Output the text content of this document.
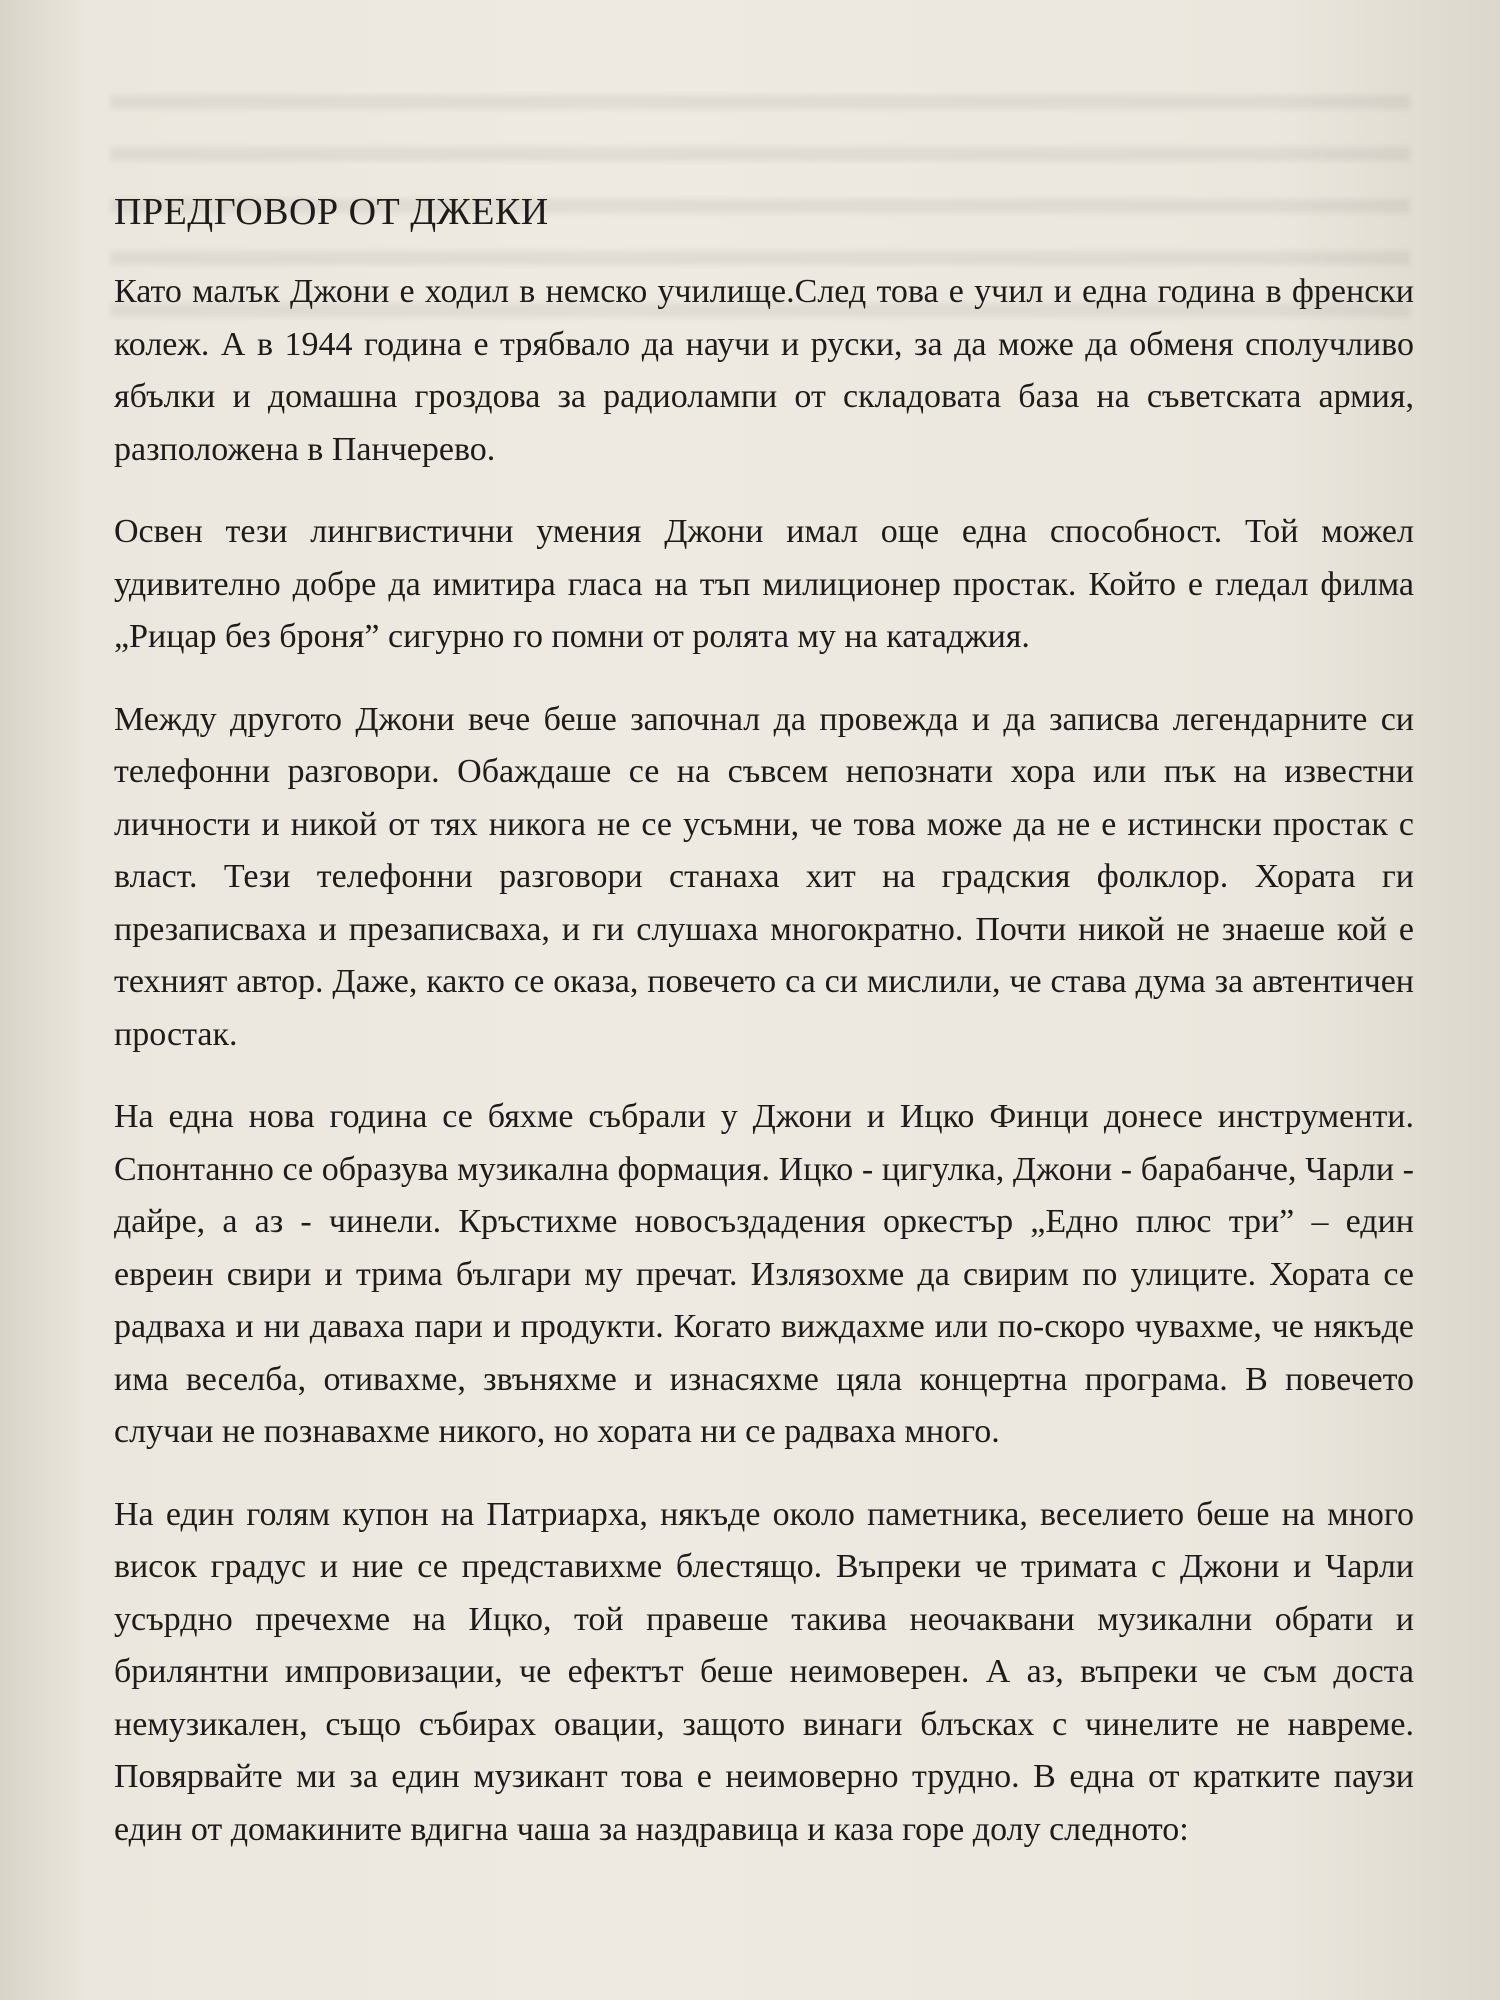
ПРЕДГОВОР ОТ ДЖЕКИ

Като малък Джони е ходил в немско училище.След това е учил и една година в френски колеж. А в 1944 година е трябвало да научи и руски, за да може да обменя сполучливо ябълки и домашна гроздова за радиолампи от складовата база на съветската армия, разположена в Панчерево.

Освен тези лингвистични умения Джони имал още една способност. Той можел удивително добре да имитира гласа на тъп милиционер простак. Който е гледал филма „Рицар без броня” сигурно го помни от ролята му на катаджия.

Между другото Джони вече беше започнал да провежда и да записва легендарните си телефонни разговори. Обаждаше се на съвсем непознати хора или пък на известни личности и никой от тях никога не се усъмни, че това може да не е истински простак с власт. Тези телефонни разговори станаха хит на градския фолклор. Хората ги презаписваха и презаписваха, и ги слушаха многократно. Почти никой не знаеше кой е техният автор. Даже, както се оказа, повечето са си мислили, че става дума за автентичен простак.

На една нова година се бяхме събрали у Джони и Ицко Финци донесе инструменти. Спонтанно се образува музикална формация. Ицко - цигулка, Джони - барабанче, Чарли - дайре, а аз - чинели. Кръстихме новосъздадения оркестър „Едно плюс три” – един евреин свири и трима българи му пречат. Излязохме да свирим по улиците. Хората се радваха и ни даваха пари и продукти. Когато виждахме или по-скоро чувахме, че някъде има веселба, отивахме, звъняхме и изнасяхме цяла концертна програма. В повечето случаи не познавахме никого, но хората ни се радваха много.

На един голям купон на Патриарха, някъде около паметника, веселието беше на много висок градус и ние се представихме блестящо. Въпреки че тримата с Джони и Чарли усърдно пречехме на Ицко, той правеше такива неочаквани музикални обрати и брилянтни импровизации, че ефектът беше неимоверен. А аз, въпреки че съм доста немузикален, също събирах овации, защото винаги блъсках с чинелите не навреме. Повярвайте ми за един музикант това е неимоверно трудно. В една от кратките паузи един от домакините вдигна чаша за наздравица и каза горе долу следното:
